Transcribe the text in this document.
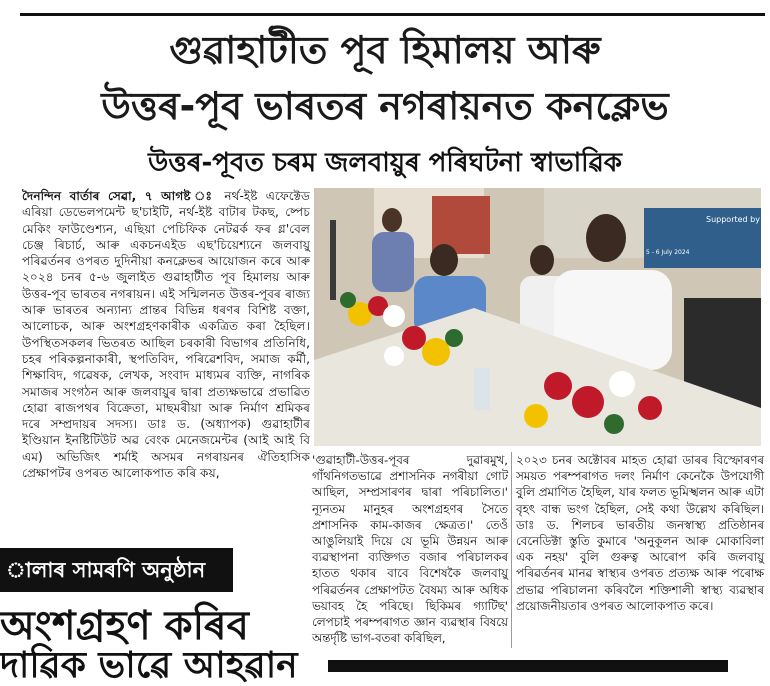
গুৱাহাটীত পূব হিমালয় আৰু
উত্তৰ-পূব ভাৰতৰ নগৰায়নত কনক্লেভ
উত্তৰ-পূবত চৰম জলবায়ুৰ পৰিঘটনা স্বাভাৱিক
দৈনন্দিন বাৰ্তাৰ সেৱা, ৭ আগষ্ট ঃ নৰ্থ-ইষ্ট এফেক্টেড এৰিয়া ডেভেলপমেন্ট ছ'চাইটি, নৰ্থ-ইষ্ট বাটাৰ টকছ, ষ্পেচ মেকিং ফাউণ্ডেশ্যন, এছিয়া পেচিফিক নেটৱৰ্ক ফৰ গ্ল'বেল চেঞ্জ ৰিচাৰ্চ, আৰু একচনএইড এছ'চিয়েশ্যনে জলবায়ু পৰিৱৰ্তনৰ ওপৰত দুদিনীয়া কনক্লেভৰ আয়োজন কৰে আৰু ২০২৪ চনৰ ৫-৬ জুলাইত গুৱাহাটীত পূব হিমালয় আৰু উত্তৰ-পূব ভাৰতৰ নগৰায়ন। এই সন্মিলনত উত্তৰ-পূবৰ ৰাজ্য আৰু ভাৰতৰ অন্যান্য প্ৰান্তৰ বিভিন্ন ধৰণৰ বিশিষ্ট বক্তা, আলোচক, আৰু অংশগ্ৰহণকাৰীক একত্ৰিত কৰা হৈছিল। উপস্থিতসকলৰ ভিতৰত আছিল চৰকাৰী বিভাগৰ প্ৰতিনিধি, চহৰ পৰিকল্পনাকাৰী, স্থপতিবিদ, পৰিৱেশবিদ, সমাজ কৰ্মী, শিক্ষাবিদ, গৱেষক, লেখক, সংবাদ মাধ্যমৰ ব্যক্তি, নাগৰিক সমাজৰ সংগঠন আৰু জলবায়ুৰ দ্বাৰা প্ৰত্যক্ষভাৱে প্ৰভাৱিত হোৱা ৰাজপথৰ বিক্ৰেতা, মাছমৰীয়া আৰু নিৰ্মাণ শ্ৰমিকৰ দৰে সম্প্ৰদায়ৰ সদস্য। ডাঃ ড. (অধ্যাপক) গুৱাহাটীৰ ইণ্ডিয়ান ইনষ্টিটিউট অৱ বেংক মেনেজমেন্টৰ (আই আই বি এম) অভিজিৎ শৰ্মাই অসমৰ নগৰায়নৰ ঐতিহাসিক প্ৰেক্ষাপটৰ ওপৰত আলোকপাত কৰি কয়,
Supported by
5 - 6 July 2024
'গুৱাহাটী-উত্তৰ-পূবৰ দুৱাৰমুখ, গাঁথনিগতভাৱে প্ৰশাসনিক নগৰীয়া গোট আছিল, সম্প্ৰসাৰণৰ দ্বাৰা পৰিচালিত।' ন্যূনতম মানুহৰ অংশগ্ৰহণৰ সৈতে প্ৰশাসনিক কাম-কাজৰ ক্ষেত্ৰত।' তেওঁ আঙুলিয়াই দিয়ে যে ভূমি উন্নয়ন আৰু ব্যৱস্থাপনা ব্যক্তিগত বজাৰ পৰিচালকৰ হাতত থকাৰ বাবে বিশেষকৈ জলবায়ু পৰিৱৰ্তনৰ প্ৰেক্ষাপটত বৈষম্য আৰু অধিক ভয়াবহ হৈ পৰিছে। ছিকিমৰ গ্যাটিছ' লেপচাই পৰম্পৰাগত জ্ঞান ব্যৱস্থাৰ বিষয়ে অন্তৰ্দৃষ্টি ভাগ-বতৰা কৰিছিল,
২০২৩ চনৰ অক্টোবৰ মাহত হোৱা ডাৰৰ বিস্ফোৰণৰ সময়ত পৰম্পৰাগত দলং নিৰ্মাণ কেনেকৈ উপযোগী বুলি প্ৰমাণিত হৈছিল, যাৰ ফলত ভূমিস্খলন আৰু এটা বৃহৎ বান্ধ ভংগ হৈছিল, সেই কথা উল্লেখ কৰিছিল। ডাঃ ড. শিলচৰ ভাৰতীয় জনস্বাস্থ্য প্ৰতিষ্ঠানৰ বেনেডিক্টা স্তুতি কুমাৰে 'অনুকূলন আৰু মোকাবিলা এক নহয়' বুলি গুৰুত্ব আৰোপ কৰি জলবায়ু পৰিৱৰ্তনৰ মানৱ স্বাস্থ্যৰ ওপৰত প্ৰত্যক্ষ আৰু পৰোক্ষ প্ৰভাৱ পৰিচালনা কৰিবলৈ শক্তিশালী স্বাস্থ্য ব্যৱস্থাৰ প্ৰয়োজনীয়তাৰ ওপৰত আলোকপাত কৰে।
ালাৰ সামৰণি অনুষ্ঠান
অংশগ্ৰহণ কৰিব
দাৱিক ভাৱে আহৱান
